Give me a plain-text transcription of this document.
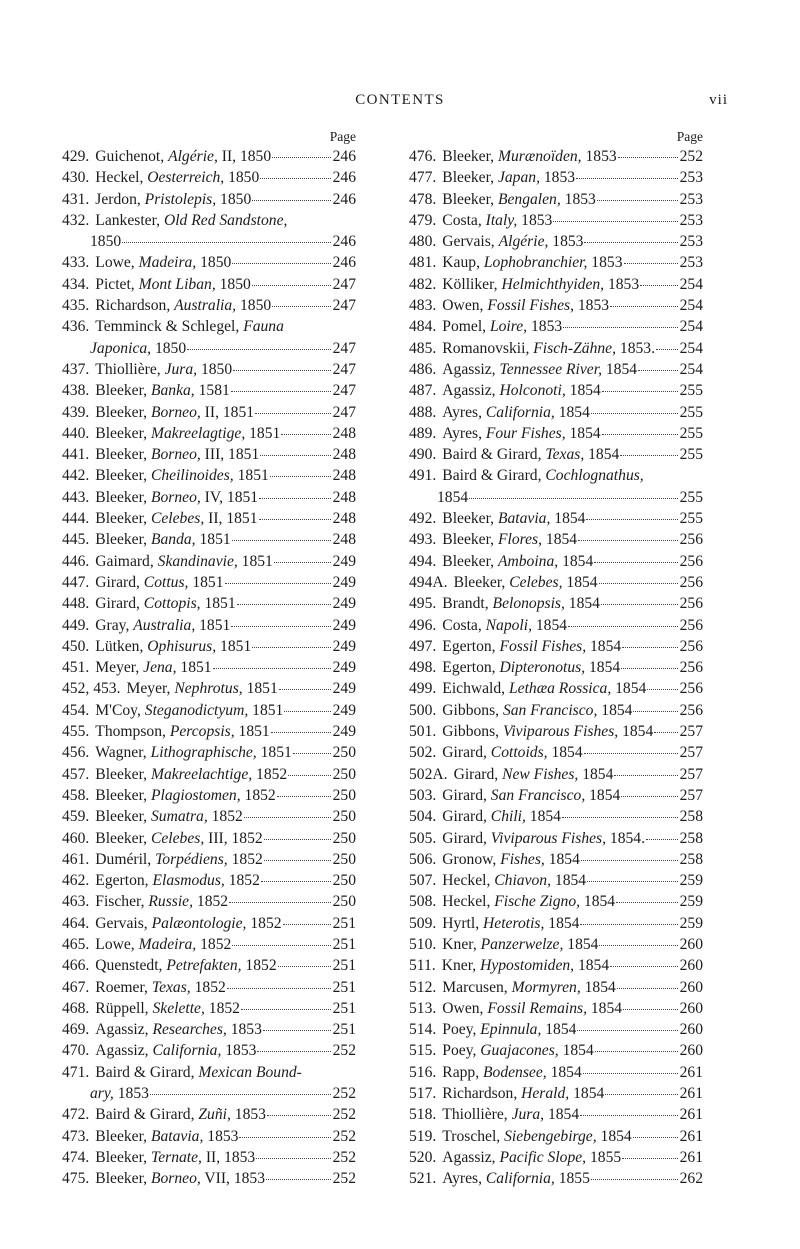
CONTENTS	vii
Page
429. Guichenot, Algérie, II, 1850	246
430. Heckel, Oesterreich, 1850	246
431. Jerdon, Pristolepis, 1850	246
432. Lankester, Old Red Sandstone,
1850	246
433. Lowe, Madeira, 1850	246
434. Pictet, Mont Liban, 1850	247
435. Richardson, Australia, 1850	247
436. Temminck & Schlegel, Fauna
Japonica, 1850	247
437. Thiollière, Jura, 1850	247
438. Bleeker, Banka, 1581	247
439. Bleeker, Borneo, II, 1851	247
440. Bleeker, Makreelagtige, 1851	248
441. Bleeker, Borneo, III, 1851	248
442. Bleeker, Cheilinoides, 1851	248
443. Bleeker, Borneo, IV, 1851	248
444. Bleeker, Celebes, II, 1851	248
445. Bleeker, Banda, 1851	248
446. Gaimard, Skandinavie, 1851	249
447. Girard, Cottus, 1851	249
448. Girard, Cottopis, 1851	249
449. Gray, Australia, 1851	249
450. Lütken, Ophisurus, 1851	249
451. Meyer, Jena, 1851	249
452, 453. Meyer, Nephrotus, 1851	249
454. M'Coy, Steganodictyum, 1851	249
455. Thompson, Percopsis, 1851	249
456. Wagner, Lithographische, 1851	250
457. Bleeker, Makreelachtige, 1852	250
458. Bleeker, Plagiostomen, 1852	250
459. Bleeker, Sumatra, 1852	250
460. Bleeker, Celebes, III, 1852	250
461. Duméril, Torpédiens, 1852	250
462. Egerton, Elasmodus, 1852	250
463. Fischer, Russie, 1852	250
464. Gervais, Palæontologie, 1852	251
465. Lowe, Madeira, 1852	251
466. Quenstedt, Petrefakten, 1852	251
467. Roemer, Texas, 1852	251
468. Rüppell, Skelette, 1852	251
469. Agassiz, Researches, 1853	251
470. Agassiz, California, 1853	252
471. Baird & Girard, Mexican Bound-
ary, 1853	252
472. Baird & Girard, Zuñi, 1853	252
473. Bleeker, Batavia, 1853	252
474. Bleeker, Ternate, II, 1853	252
475. Bleeker, Borneo, VII, 1853	252
Page
476. Bleeker, Murænoïden, 1853	252
477. Bleeker, Japan, 1853	253
478. Bleeker, Bengalen, 1853	253
479. Costa, Italy, 1853	253
480. Gervais, Algérie, 1853	253
481. Kaup, Lophobranchier, 1853	253
482. Kölliker, Helmichthyiden, 1853	254
483. Owen, Fossil Fishes, 1853	254
484. Pomel, Loire, 1853	254
485. Romanovskii, Fisch-Zähne, 1853. 254
486. Agassiz, Tennessee River, 1854	254
487. Agassiz, Holconoti, 1854	255
488. Ayres, California, 1854	255
489. Ayres, Four Fishes, 1854	255
490. Baird & Girard, Texas, 1854	255
491. Baird & Girard, Cochlognathus,
1854	255
492. Bleeker, Batavia, 1854	255
493. Bleeker, Flores, 1854	256
494. Bleeker, Amboina, 1854	256
494A. Bleeker, Celebes, 1854	256
495. Brandt, Belonopsis, 1854	256
496. Costa, Napoli, 1854	256
497. Egerton, Fossil Fishes, 1854	256
498. Egerton, Dipteronotus, 1854	256
499. Eichwald, Lethæa Rossica, 1854 256
500. Gibbons, San Francisco, 1854	256
501. Gibbons, Viviparous Fishes, 1854 257
502. Girard, Cottoids, 1854	257
502A. Girard, New Fishes, 1854	257
503. Girard, San Francisco, 1854	257
504. Girard, Chili, 1854	258
505. Girard, Viviparous Fishes, 1854. 258
506. Gronow, Fishes, 1854	258
507. Heckel, Chiavon, 1854	259
508. Heckel, Fische Zigno, 1854	259
509. Hyrtl, Heterotis, 1854	259
510. Kner, Panzerwelze, 1854	260
511. Kner, Hypostomiden, 1854	260
512. Marcusen, Mormyren, 1854	260
513. Owen, Fossil Remains, 1854	260
514. Poey, Epinnula, 1854	260
515. Poey, Guajacones, 1854	260
516. Rapp, Bodensee, 1854	261
517. Richardson, Herald, 1854	261
518. Thiollière, Jura, 1854	261
519. Troschel, Siebengebirge, 1854	261
520. Agassiz, Pacific Slope, 1855	261
521. Ayres, California, 1855	262
